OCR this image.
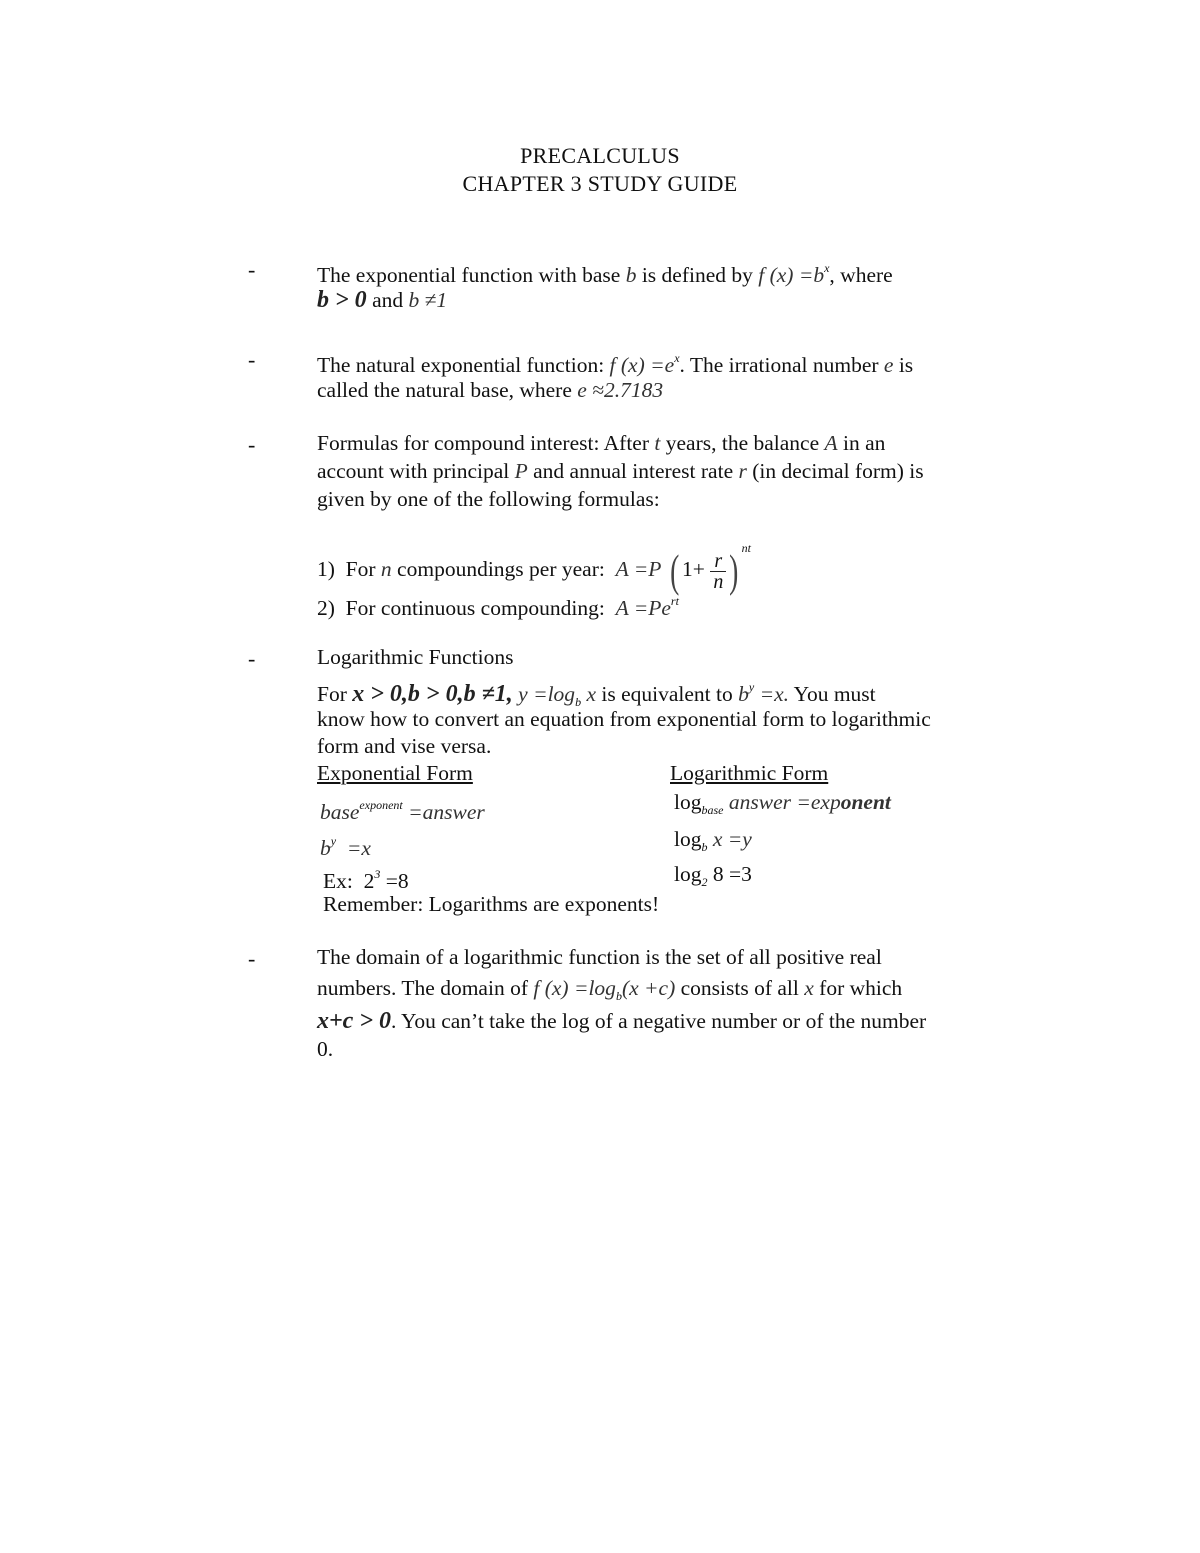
PRECALCULUS
CHAPTER 3 STUDY GUIDE
-	The exponential function with base b is defined by f $(x) =b^x$, where
b > 0 and b ≠1
-	The natural exponential function: f $(x) =e^x$. The irrational number e is
called the natural base, where e ≈2.7183
-	Formulas for compound interest: After t years, the balance A in an
account with principal P and annual interest rate r (in decimal form) is
given by one of the following formulas:
1) For n compoundings per year: A =P ( $1+ \frac{r}{n}$ ) $^{nt}$
2) For continuous compounding: $A =Pe^{rt}$
-	Logarithmic Functions
For x > 0,b > 0,b ≠1, $y =\log_b$ x is equivalent to $b^y =x$. You must
know how to convert an equation from exponential form to logarithmic
form and vise versa.
Exponential Form	Logarithmic Form
base$^{exponent}$ =answer	$\log_{base}$ answer =exponent
$b^y =x$	$\log_b x =y$
Ex: $2^3 =8$	$\log_2 8 =3$
Remember: Logarithms are exponents!
-	The domain of a logarithmic function is the set of all positive real
numbers. The domain of f $(x) =\log_b(x +c)$ consists of all x for which
x+c > 0. You can’t take the log of a negative number or of the number
0.
